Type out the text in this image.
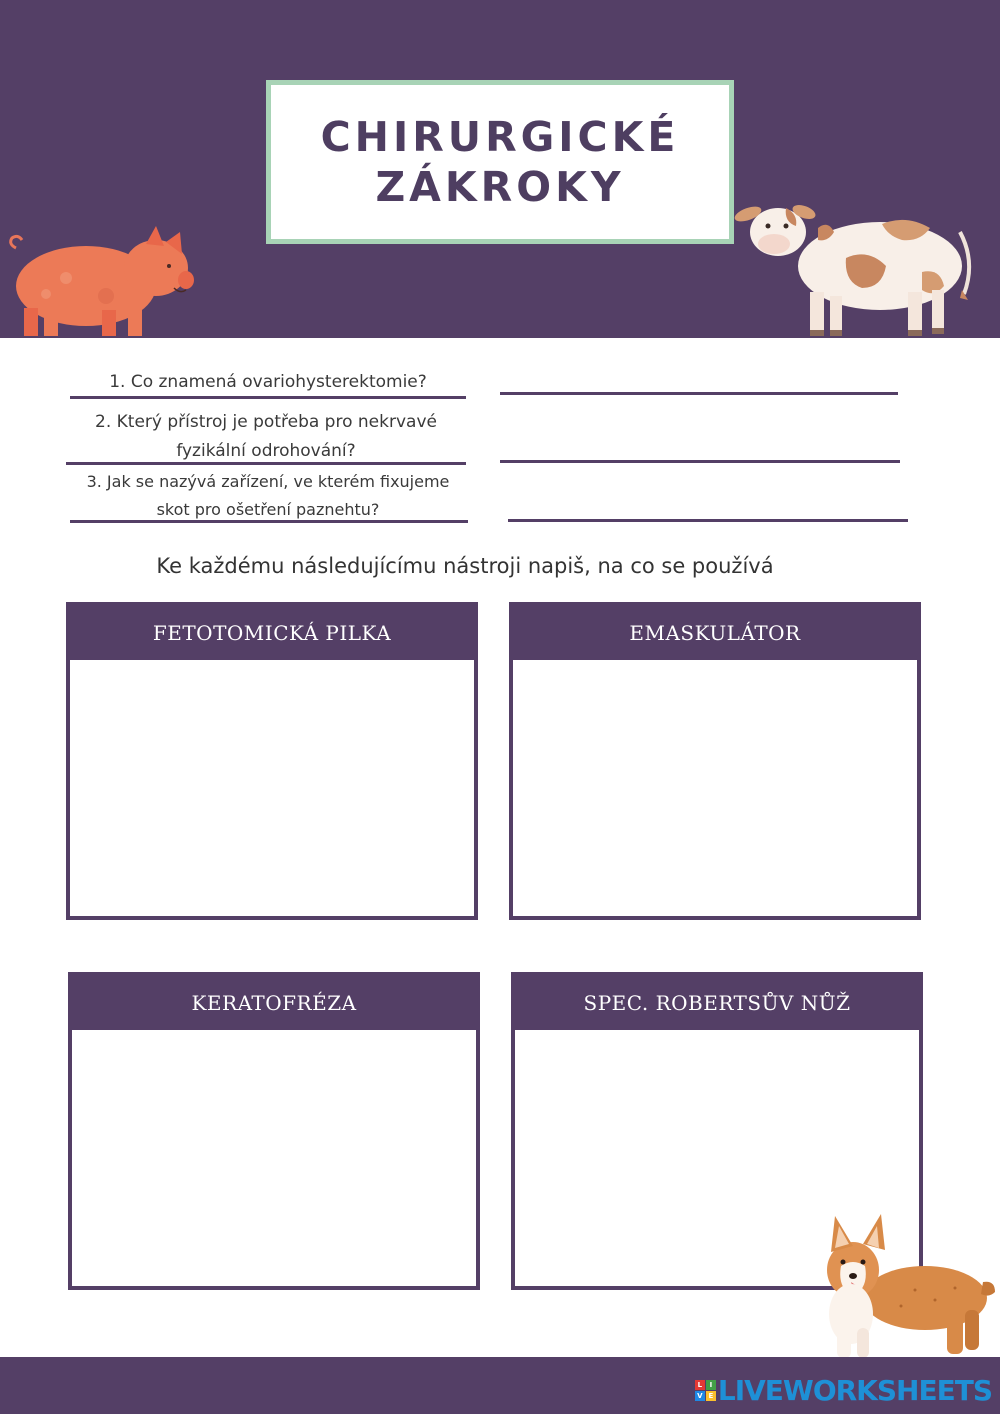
CHIRURGICKÉ
ZÁKROKY
1. Co znamená ovariohysterektomie?
2. Který přístroj je potřeba pro nekrvavé
fyzikální odrohování?
3. Jak se nazývá zařízení, ve kterém fixujeme
skot pro ošetření paznehtu?
Ke každému následujícímu nástroji napiš, na co se používá
FETOTOMICKÁ PILKA	EMASKULÁTOR
KERATOFRÉZA	SPEC. ROBERTSŮV NŮŽ
L	I
V E LIVEWORKSHEETS
